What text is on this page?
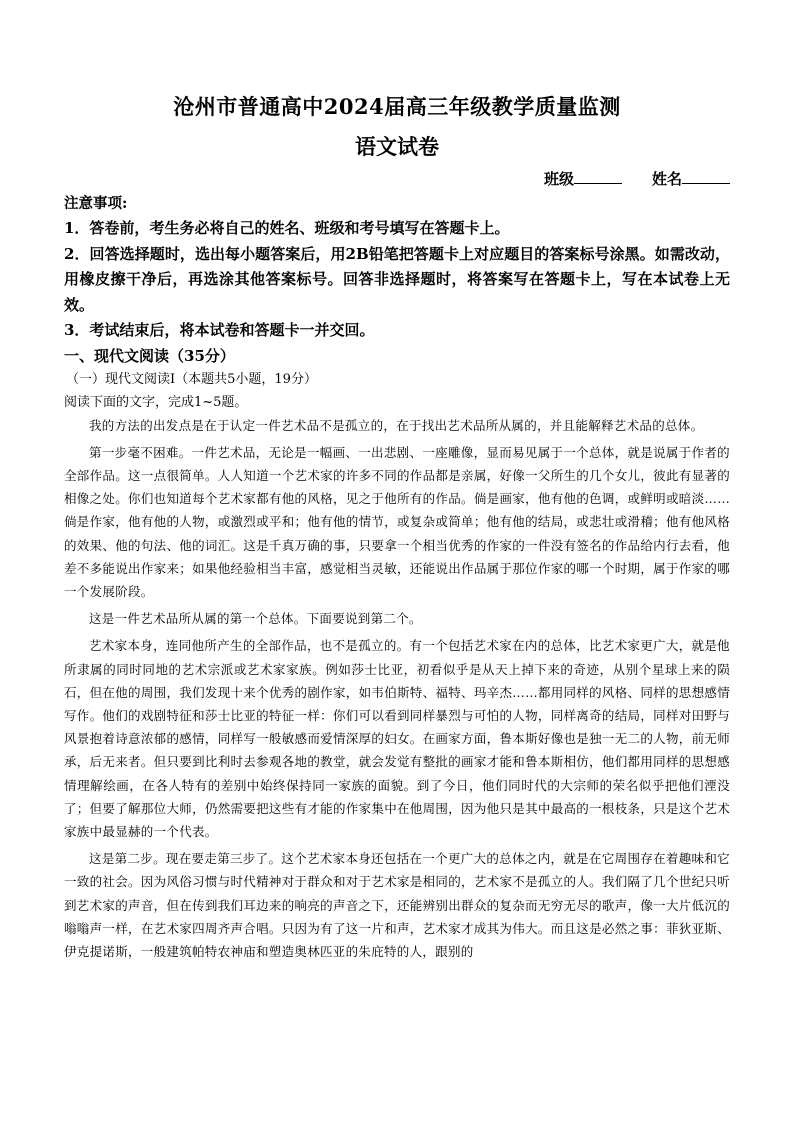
沧州市普通高中2024届高三年级教学质量监测
语文试卷
班级	姓名
注意事项:
1．答卷前，考生务必将自己的姓名、班级和考号填写在答题卡上。
2．回答选择题时，选出每小题答案后，用2B铅笔把答题卡上对应题目的答案标号涂黑。如需改动，用橡皮擦干净后，再选涂其他答案标号。回答非选择题时，将答案写在答题卡上，写在本试卷上无效。
3．考试结束后，将本试卷和答题卡一并交回。
一、现代文阅读（35分）
（一）现代文阅读Ⅰ（本题共5小题，19分）
阅读下面的文字，完成1~5题。

我的方法的出发点是在于认定一件艺术品不是孤立的，在于找出艺术品所从属的，并且能解释艺术品的总体。

第一步毫不困难。一件艺术品，无论是一幅画、一出悲剧、一座雕像，显而易见属于一个总体，就是说属于作者的全部作品。这一点很简单。人人知道一个艺术家的许多不同的作品都是亲属，好像一父所生的几个女儿，彼此有显著的相像之处。你们也知道每个艺术家都有他的风格，见之于他所有的作品。倘是画家，他有他的色调，或鲜明或暗淡……倘是作家，他有他的人物，或激烈或平和；他有他的情节，或复杂或简单；他有他的结局，或悲壮或滑稽；他有他风格的效果、他的句法、他的词汇。这是千真万确的事，只要拿一个相当优秀的作家的一件没有签名的作品给内行去看，他差不多能说出作家来；如果他经验相当丰富，感觉相当灵敏，还能说出作品属于那位作家的哪一个时期，属于作家的哪一个发展阶段。

这是一件艺术品所从属的第一个总体。下面要说到第二个。

艺术家本身，连同他所产生的全部作品，也不是孤立的。有一个包括艺术家在内的总体，比艺术家更广大，就是他所隶属的同时同地的艺术宗派或艺术家家族。例如莎士比亚，初看似乎是从天上掉下来的奇迹，从别个星球上来的陨石，但在他的周围，我们发现十来个优秀的剧作家，如韦伯斯特、福特、玛辛杰……都用同样的风格、同样的思想感情写作。他们的戏剧特征和莎士比亚的特征一样：你们可以看到同样暴烈与可怕的人物，同样离奇的结局，同样对田野与风景抱着诗意浓郁的感情，同样写一般敏感而爱情深厚的妇女。在画家方面，鲁本斯好像也是独一无二的人物，前无师承，后无来者。但只要到比利时去参观各地的教堂，就会发觉有整批的画家才能和鲁本斯相仿，他们都用同样的思想感情理解绘画，在各人特有的差别中始终保持同一家族的面貌。到了今日，他们同时代的大宗师的荣名似乎把他们湮没了；但要了解那位大师，仍然需要把这些有才能的作家集中在他周围，因为他只是其中最高的一根枝条，只是这个艺术家族中最显赫的一个代表。

这是第二步。现在要走第三步了。这个艺术家本身还包括在一个更广大的总体之内，就是在它周围存在着趣味和它一致的社会。因为风俗习惯与时代精神对于群众和对于艺术家是相同的，艺术家不是孤立的人。我们隔了几个世纪只听到艺术家的声音，但在传到我们耳边来的响亮的声音之下，还能辨别出群众的复杂而无穷无尽的歌声，像一大片低沉的嗡嗡声一样，在艺术家四周齐声合唱。只因为有了这一片和声，艺术家才成其为伟大。而且这是必然之事：菲狄亚斯、伊克提诺斯，一般建筑帕特农神庙和塑造奥林匹亚的朱庇特的人，跟别的
